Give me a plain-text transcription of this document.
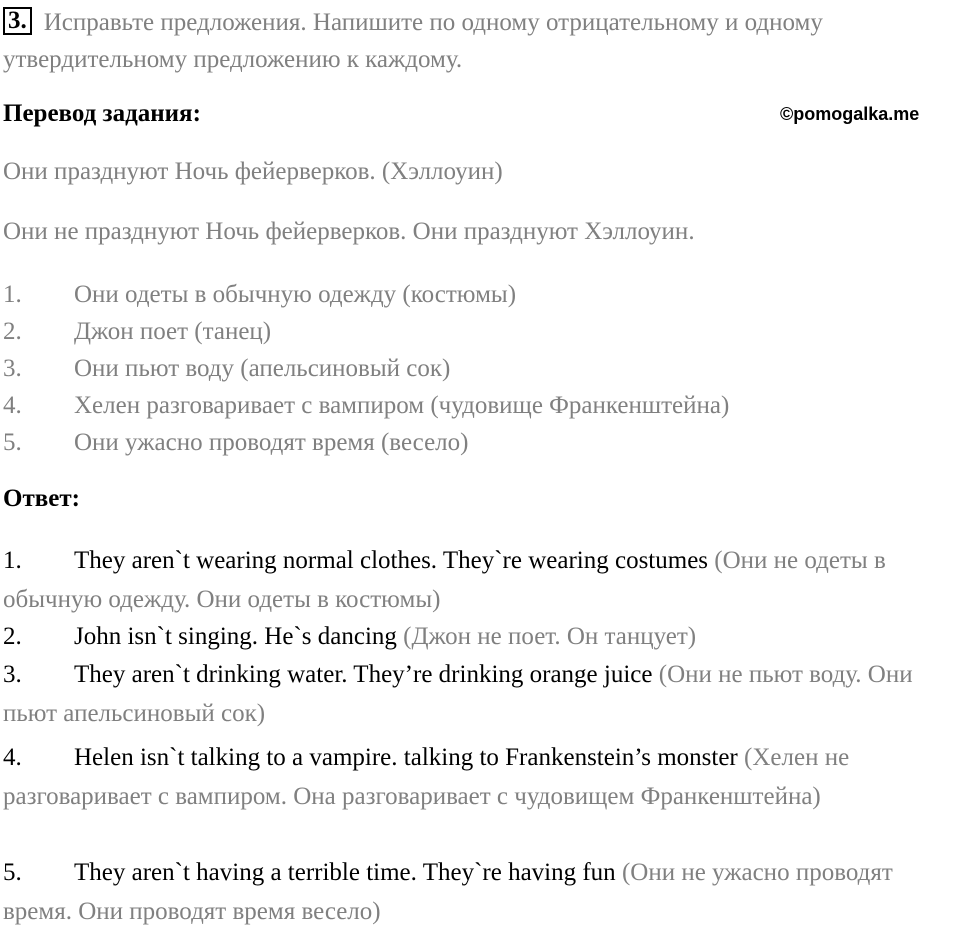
3. Исправьте предложения. Напишите по одному отрицательному и одному утвердительному предложению к каждому.
Перевод задания:	©pomogalka.me
Они празднуют Ночь фейерверков. (Хэллоуин)
Они не празднуют Ночь фейерверков. Они празднуют Хэллоуин.
1. Они одеты в обычную одежду (костюмы)
2. Джон поет (танец)
3. Они пьют воду (апельсиновый сок)
4. Хелен разговаривает с вампиром (чудовище Франкенштейна)
5. Они ужасно проводят время (весело)
Ответ:
1. They aren`t wearing normal clothes. They`re wearing costumes (Они не одеты в обычную одежду. Они одеты в костюмы)
2. John isn`t singing. He`s dancing (Джон не поет. Он танцует)
3. They aren`t drinking water. They’re drinking orange juice (Они не пьют воду. Они пьют апельсиновый сок)
4. Helen isn`t talking to a vampire. talking to Frankenstein’s monster (Хелен не разговаривает с вампиром. Она разговаривает с чудовищем Франкенштейна)
5. They aren`t having a terrible time. They`re having fun (Они не ужасно проводят время. Они проводят время весело)
